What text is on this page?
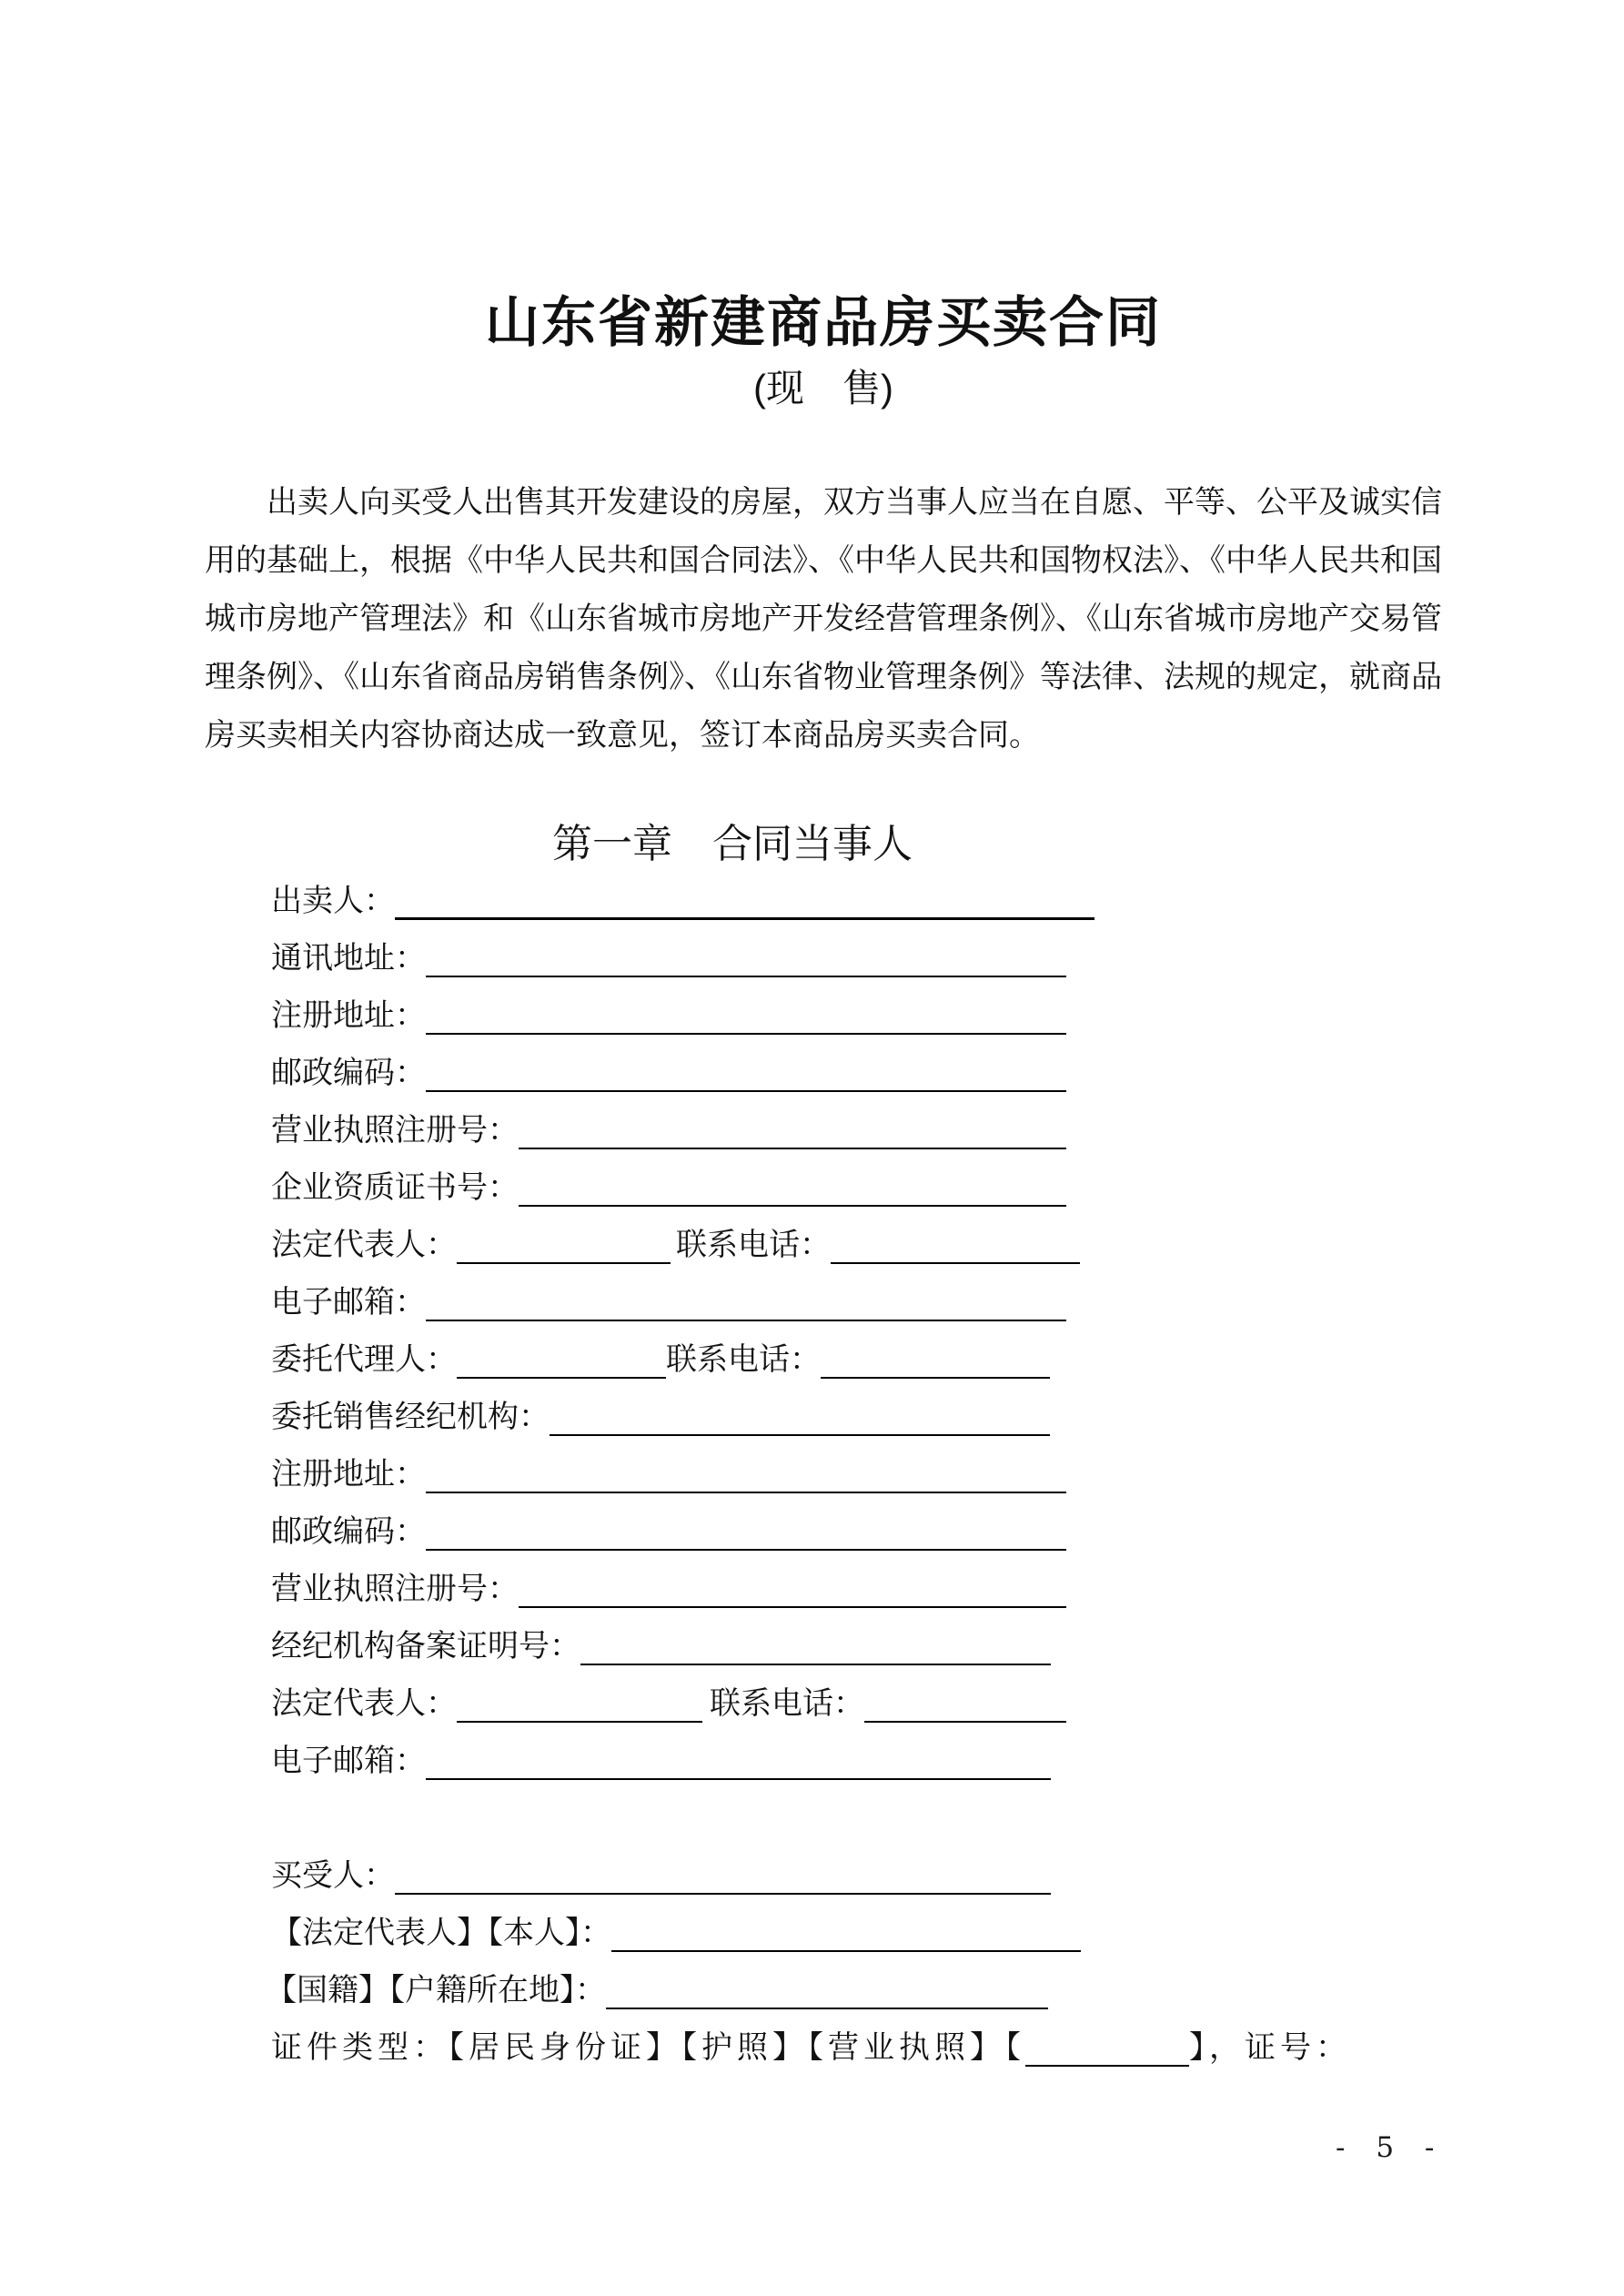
山东省新建商品房买卖合同
(现　售)
出卖人向买受人出售其开发建设的房屋，双方当事人应当在自愿、平等、公平及诚实信
用的基础上，根据《中华人民共和国合同法》、《中华人民共和国物权法》、《中华人民共和国
城市房地产管理法》和《山东省城市房地产开发经营管理条例》、《山东省城市房地产交易管
理条例》、《山东省商品房销售条例》、《山东省物业管理条例》等法律、法规的规定，就商品
房买卖相关内容协商达成一致意见，签订本商品房买卖合同。
第一章　合同当事人
出卖人：
通讯地址：
注册地址：
邮政编码：
营业执照注册号：
企业资质证书号：
法定代表人：	联系电话：
电子邮箱：
委托代理人：	联系电话：
委托销售经纪机构：
注册地址：
邮政编码：
营业执照注册号：
经纪机构备案证明号：
法定代表人：	联系电话：
电子邮箱：
买受人：
【法定代表人】【本人】：
【国籍】【户籍所在地】：
证件类型：【居民身份证】【护照】【营业执照】【	】，证号：
- 5 -
